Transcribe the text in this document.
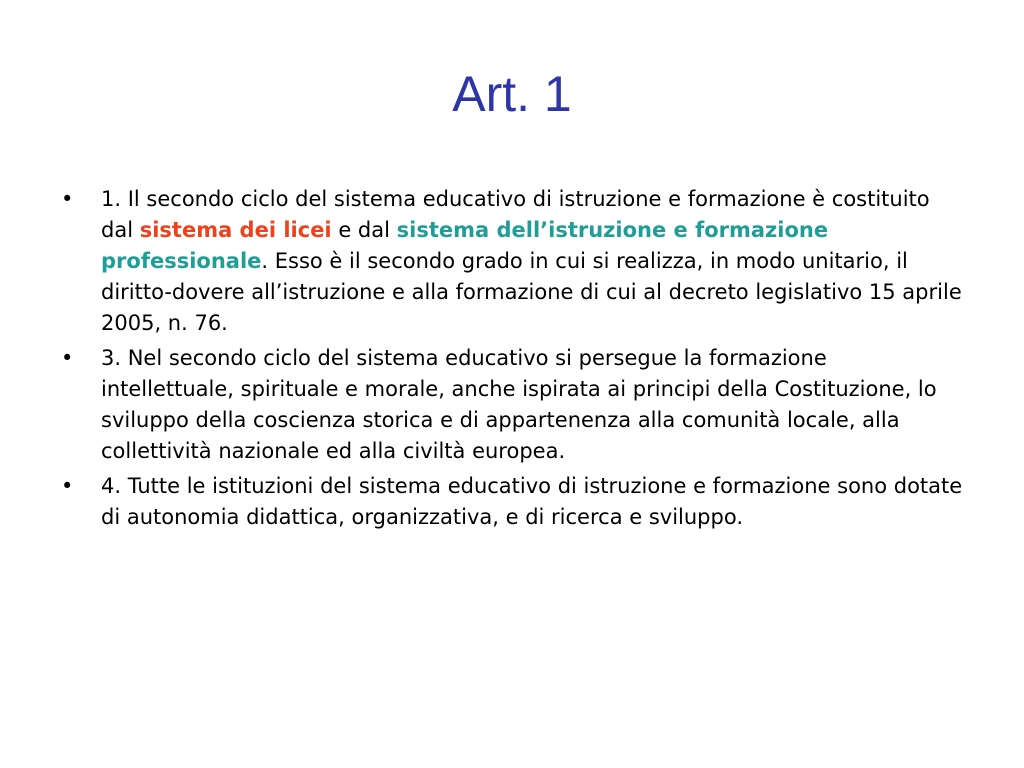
Art. 1
• 1. Il secondo ciclo del sistema educativo di istruzione e formazione è costituito dal sistema dei licei e dal sistema dell’istruzione e formazione professionale. Esso è il secondo grado in cui si realizza, in modo unitario, il diritto-dovere all’istruzione e alla formazione di cui al decreto legislativo 15 aprile 2005, n. 76.
• 3. Nel secondo ciclo del sistema educativo si persegue la formazione intellettuale, spirituale e morale, anche ispirata ai principi della Costituzione, lo sviluppo della coscienza storica e di appartenenza alla comunità locale, alla collettività nazionale ed alla civiltà europea.
• 4. Tutte le istituzioni del sistema educativo di istruzione e formazione sono dotate di autonomia didattica, organizzativa, e di ricerca e sviluppo.
